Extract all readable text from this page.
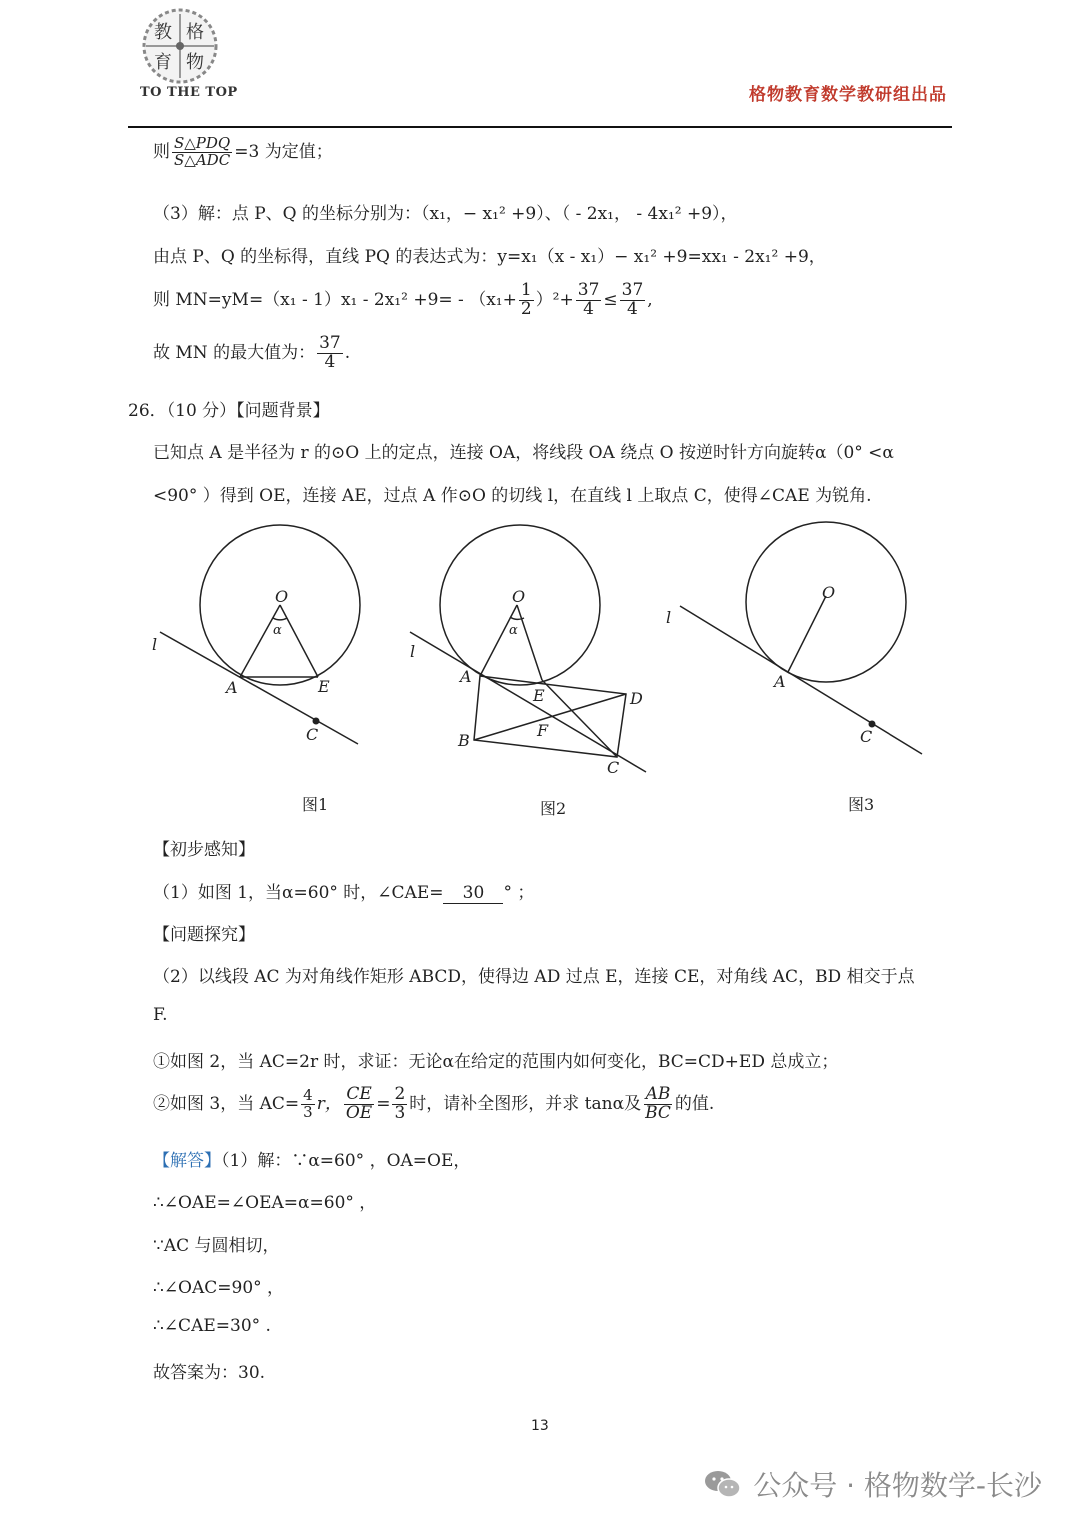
教 格
育 物
TO THE TOP	格物教育数学教研组出品
则 $\frac{\text{S△PDQ}}{\text{S△ADC}} =3$ 为定值；
（3）解：点 P、Q 的坐标分别为：（x₁，− x₁² +9）、（ - 2x₁， - 4x₁² +9），
由点 P、Q 的坐标得，直线 PQ 的表达式为：y=x₁（x - x₁）− x₁² +9=xx₁ - 2x₁² +9，
则 $MN=yM=(x_1 - 1)x_1 - 2x_1^2 +9= - (x_1+ \frac{1}{2} )^2+ \frac{37}{4} \le \frac{37}{4}$ ,
故 MN 的最大值为： $\frac{37}{4}$ .
26．（10 分）【问题背景】
已知点 A 是半径为 r 的⊙O 上的定点，连接 OA，将线段 OA 绕点 O 按逆时针方向旋转α（0° <α
<90° ）得到 OE，连接 AE，过点 A 作⊙O 的切线 l，在直线 l 上取点 C，使得∠CAE 为锐角.
O
α
l
A	E
C
O
α
l
A
E	D
F
B
C
O
l
A
C
图1	图2	图3
【初步感知】
（1）如图 1，当α=60° 时，∠CAE= 30 ° ；
【问题探究】
（2）以线段 AC 为对角线作矩形 ABCD，使得边 AD 过点 E，连接 CE，对角线 AC，BD 相交于点
F.
①如图 2，当 AC=2r 时，求证：无论α在给定的范围内如何变化，BC=CD+ED 总成立；
②如图 3，当 $AC= \frac{4}{3}$ r， $\frac{CE}{OE} = \frac{2}{3}$ 时，请补全图形，并求 tanα及 $\frac{AB}{BC}$ 的值.
【解答】（1）解：∵α=60° ，OA=OE，
∴∠OAE=∠OEA=α=60° ，
∵AC 与圆相切，
∴∠OAC=90° ，
∴∠CAE=30° .
故答案为：30.
13
公众号 · 格物数学-长沙
